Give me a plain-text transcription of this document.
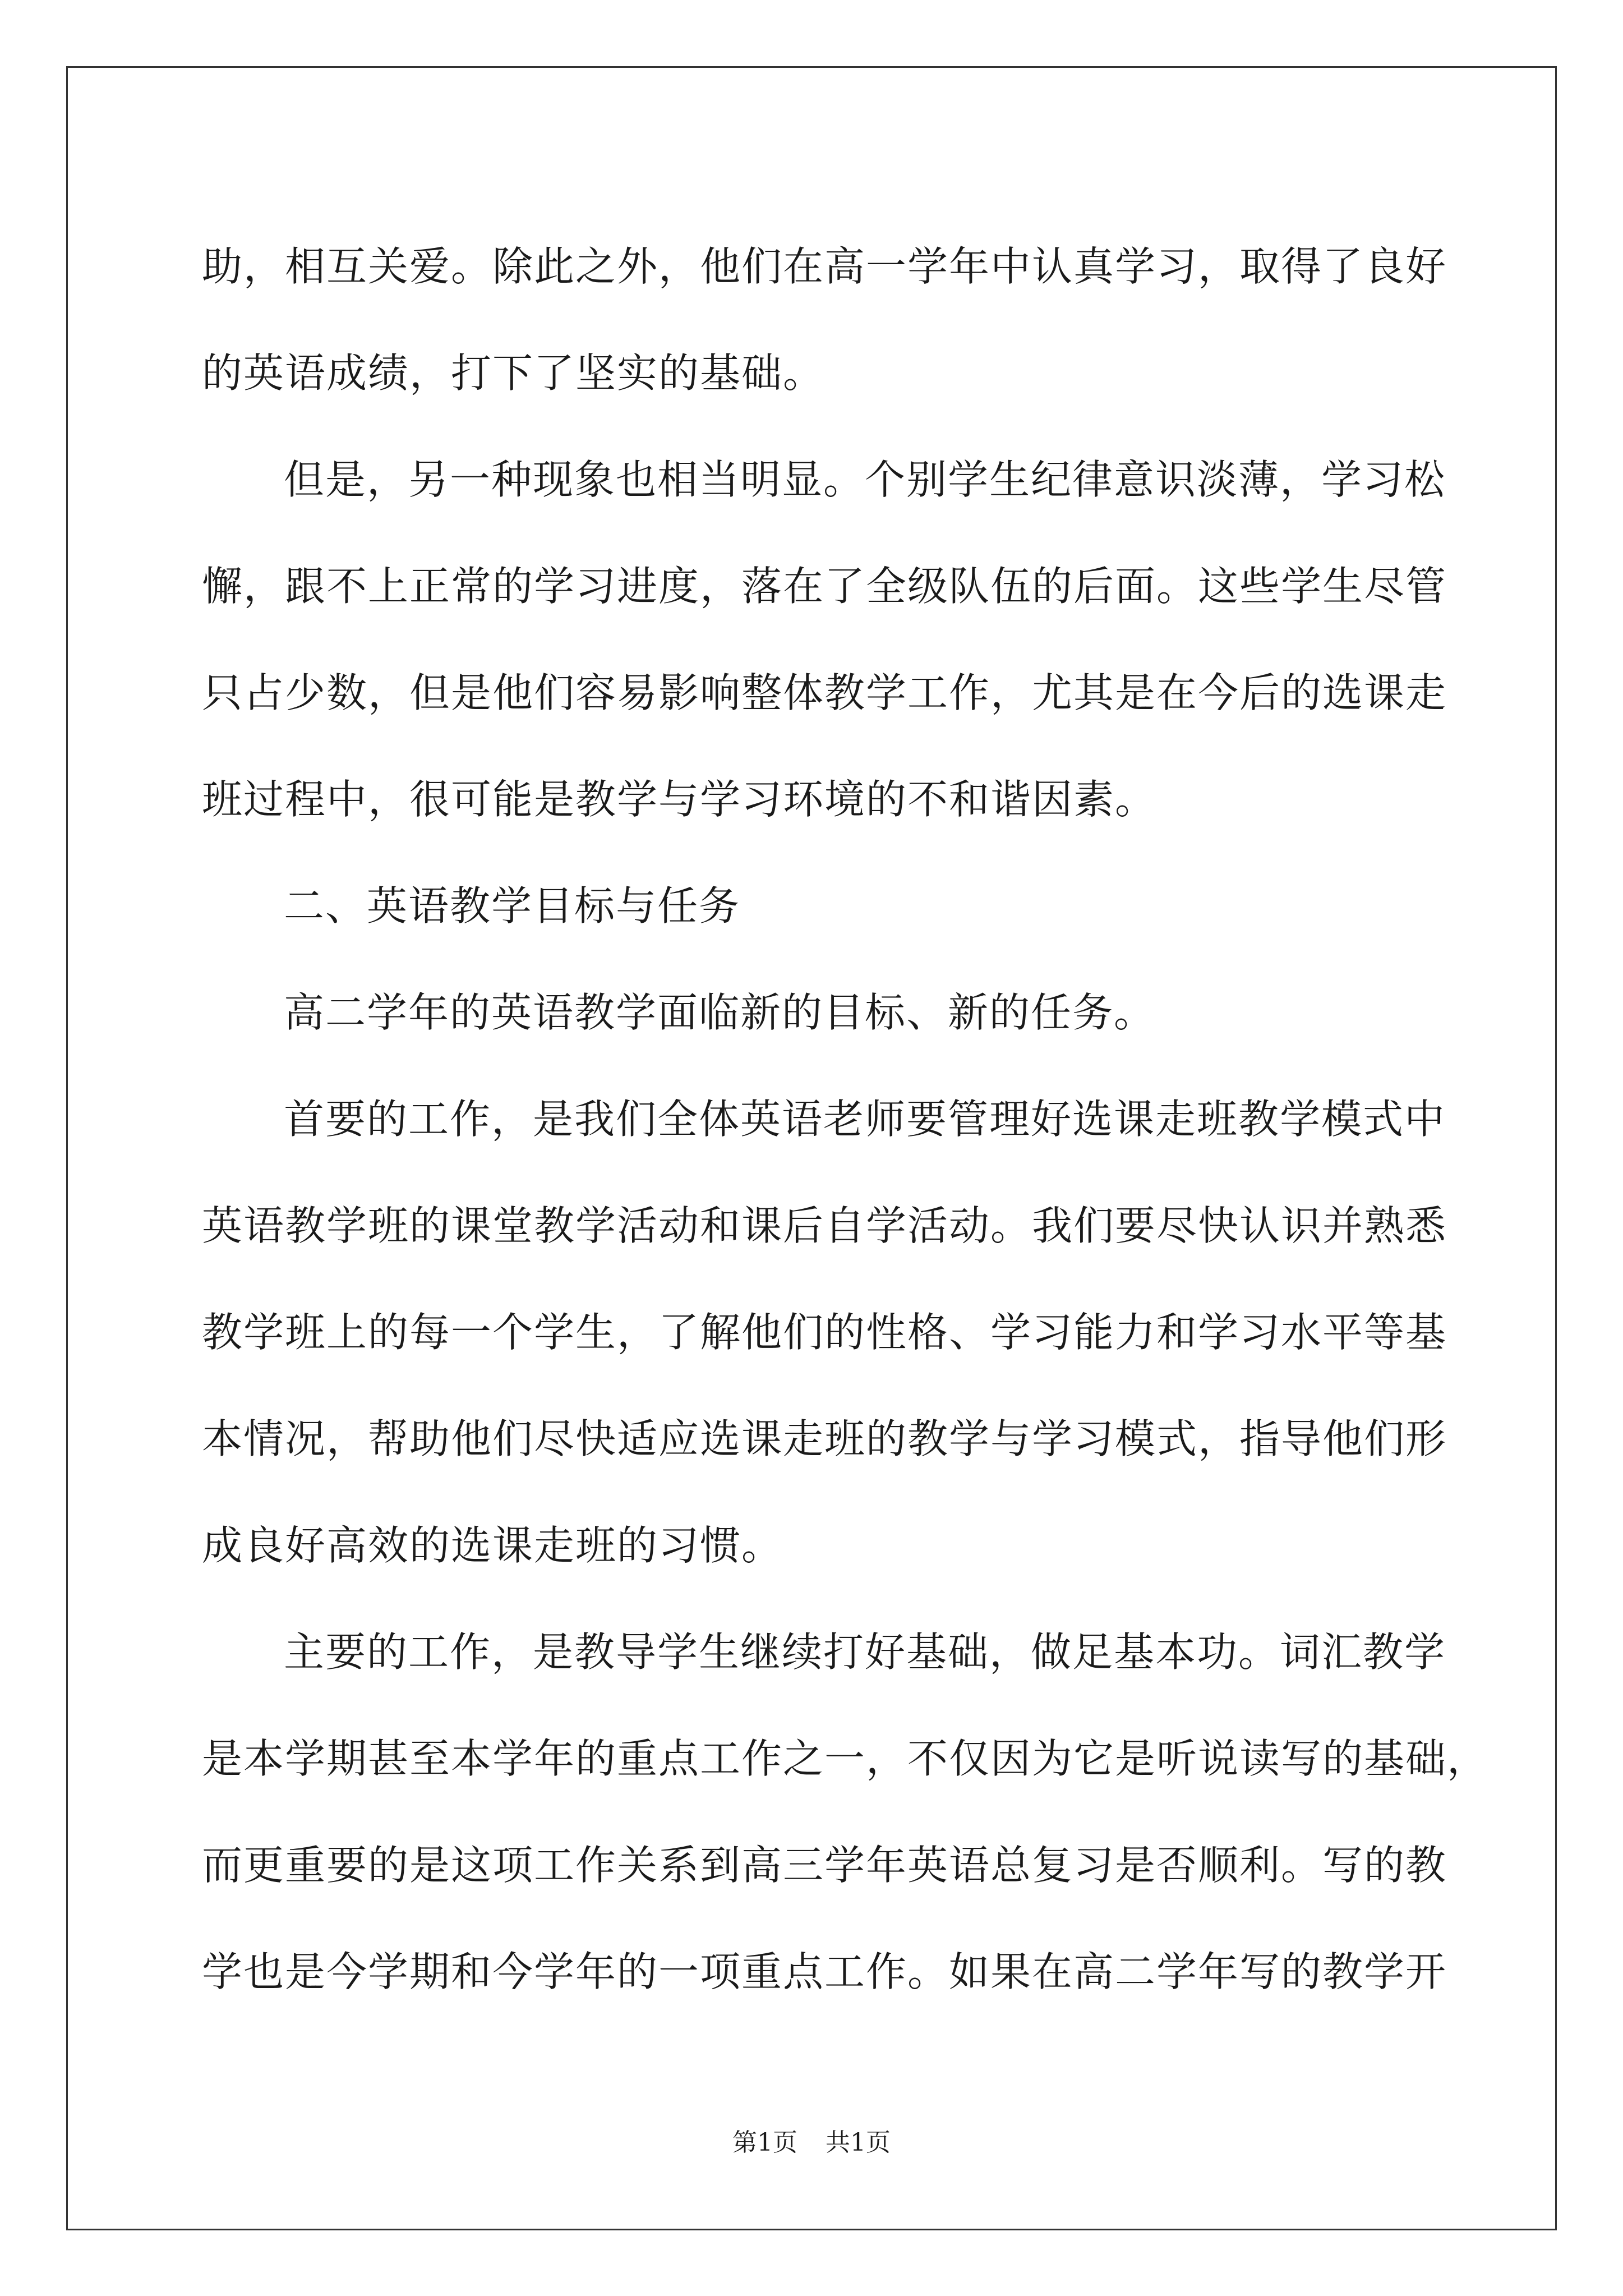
助，相互关爱。除此之外，他们在高一学年中认真学习，取得了良好
的英语成绩，打下了坚实的基础。
但是，另一种现象也相当明显。个别学生纪律意识淡薄，学习松
懈，跟不上正常的学习进度，落在了全级队伍的后面。这些学生尽管
只占少数，但是他们容易影响整体教学工作，尤其是在今后的选课走
班过程中，很可能是教学与学习环境的不和谐因素。
二、英语教学目标与任务
高二学年的英语教学面临新的目标、新的任务。
首要的工作，是我们全体英语老师要管理好选课走班教学模式中
英语教学班的课堂教学活动和课后自学活动。我们要尽快认识并熟悉
教学班上的每一个学生，了解他们的性格、学习能力和学习水平等基
本情况，帮助他们尽快适应选课走班的教学与学习模式，指导他们形
成良好高效的选课走班的习惯。
主要的工作，是教导学生继续打好基础，做足基本功。词汇教学
是本学期甚至本学年的重点工作之一，不仅因为它是听说读写的基础，
而更重要的是这项工作关系到高三学年英语总复习是否顺利。写的教
学也是今学期和今学年的一项重点工作。如果在高二学年写的教学开
第1页 共1页
